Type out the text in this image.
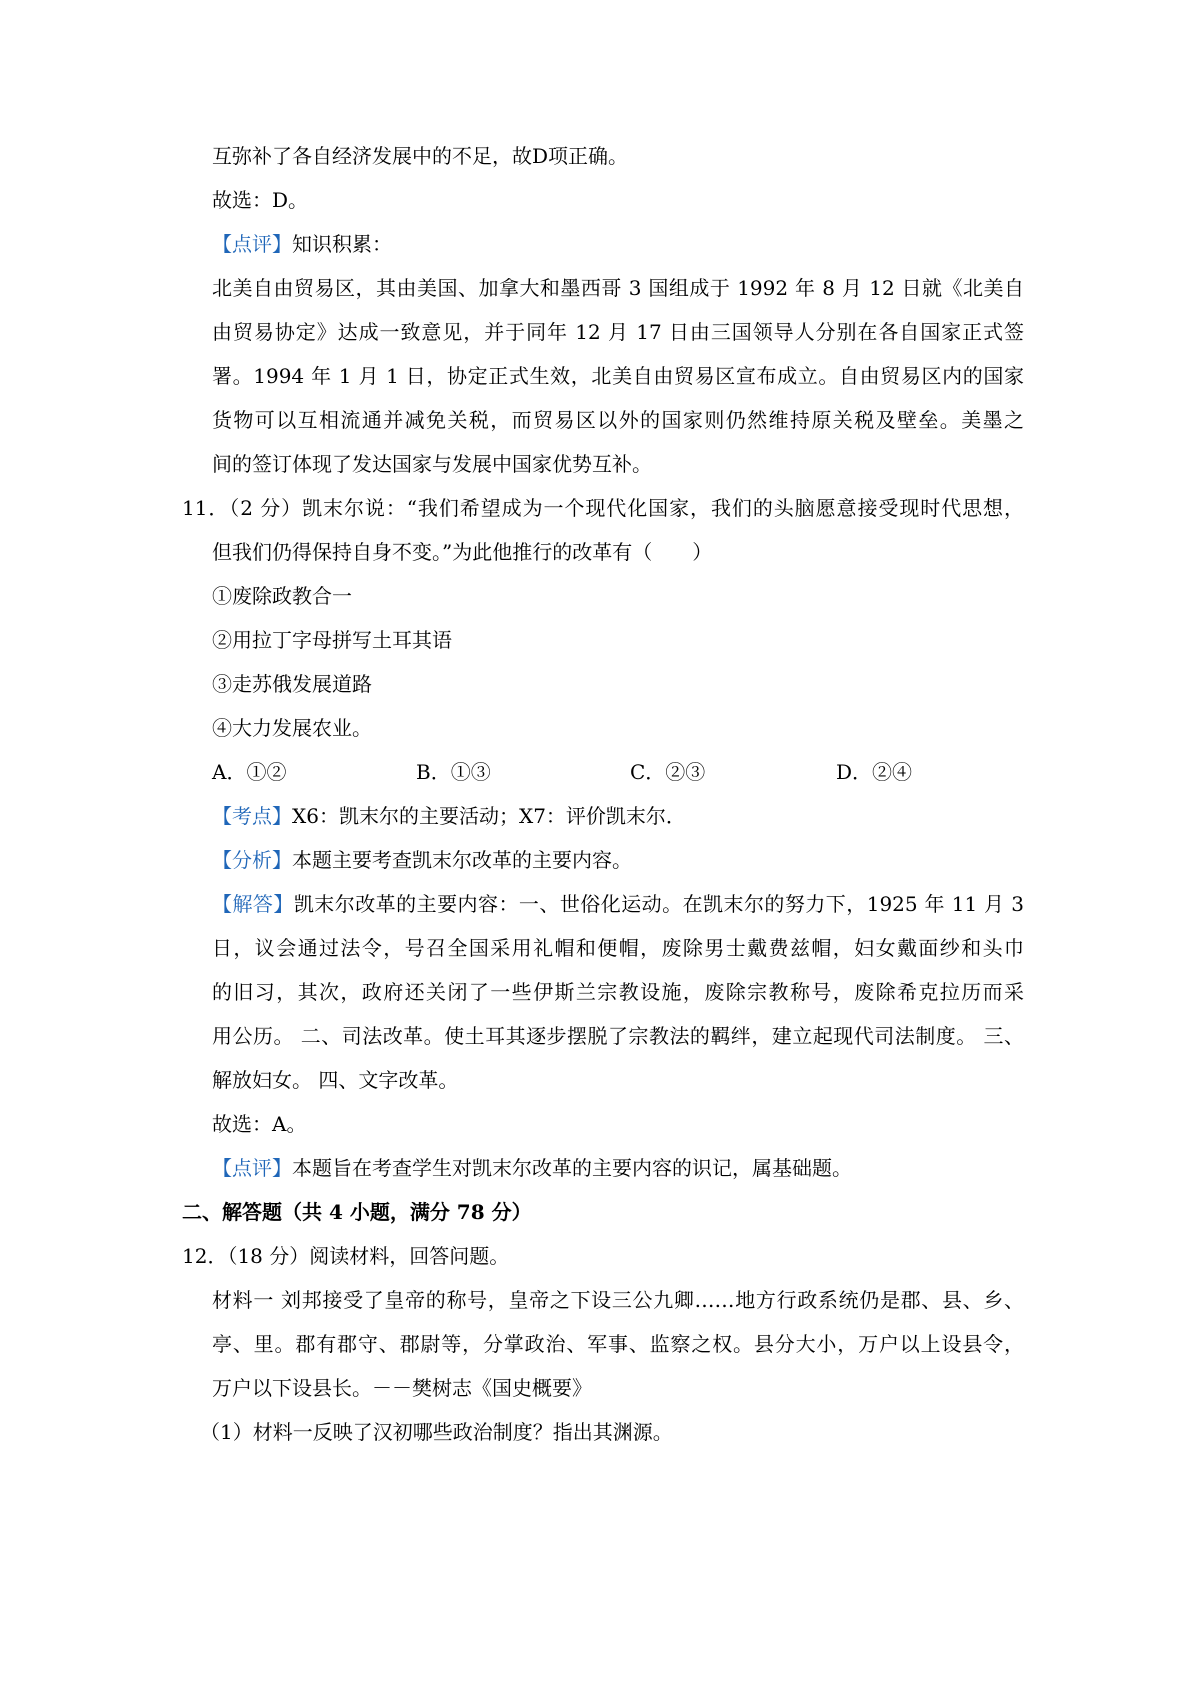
互弥补了各自经济发展中的不足，故D项正确。
故选：D。
【点评】知识积累：
北美自由贸易区，其由美国、加拿大和墨西哥 3 国组成于 1992 年 8 月 12 日就《北美自
由贸易协定》达成一致意见，并于同年 12 月 17 日由三国领导人分别在各自国家正式签
署。1994 年 1 月 1 日，协定正式生效，北美自由贸易区宣布成立。自由贸易区内的国家
货物可以互相流通并减免关税，而贸易区以外的国家则仍然维持原关税及壁垒。美墨之
间的签订体现了发达国家与发展中国家优势互补。
11．（2 分）凯末尔说：“我们希望成为一个现代化国家，我们的头脑愿意接受现时代思想，
但我们仍得保持自身不变。”为此他推行的改革有（　　）
①废除政教合一
②用拉丁字母拼写土耳其语
③走苏俄发展道路
④大力发展农业。
A．①②	B．①③	C．②③	D．②④
【考点】X6：凯末尔的主要活动；X7：评价凯末尔．
【分析】本题主要考查凯末尔改革的主要内容。
【解答】凯末尔改革的主要内容：一、世俗化运动。在凯末尔的努力下，1925 年 11 月 3
日，议会通过法令，号召全国采用礼帽和便帽，废除男士戴费兹帽，妇女戴面纱和头巾
的旧习，其次，政府还关闭了一些伊斯兰宗教设施，废除宗教称号，废除希克拉历而采
用公历。 二、司法改革。使土耳其逐步摆脱了宗教法的羁绊，建立起现代司法制度。 三、
解放妇女。 四、文字改革。
故选：A。
【点评】本题旨在考查学生对凯末尔改革的主要内容的识记，属基础题。
二、解答题（共 4 小题，满分 78 分）
12．（18 分）阅读材料，回答问题。
材料一 刘邦接受了皇帝的称号，皇帝之下设三公九卿……地方行政系统仍是郡、县、乡、
亭、里。郡有郡守、郡尉等，分掌政治、军事、监察之权。县分大小，万户以上设县令，
万户以下设县长。－－樊树志《国史概要》
（1）材料一反映了汉初哪些政治制度？指出其渊源。
